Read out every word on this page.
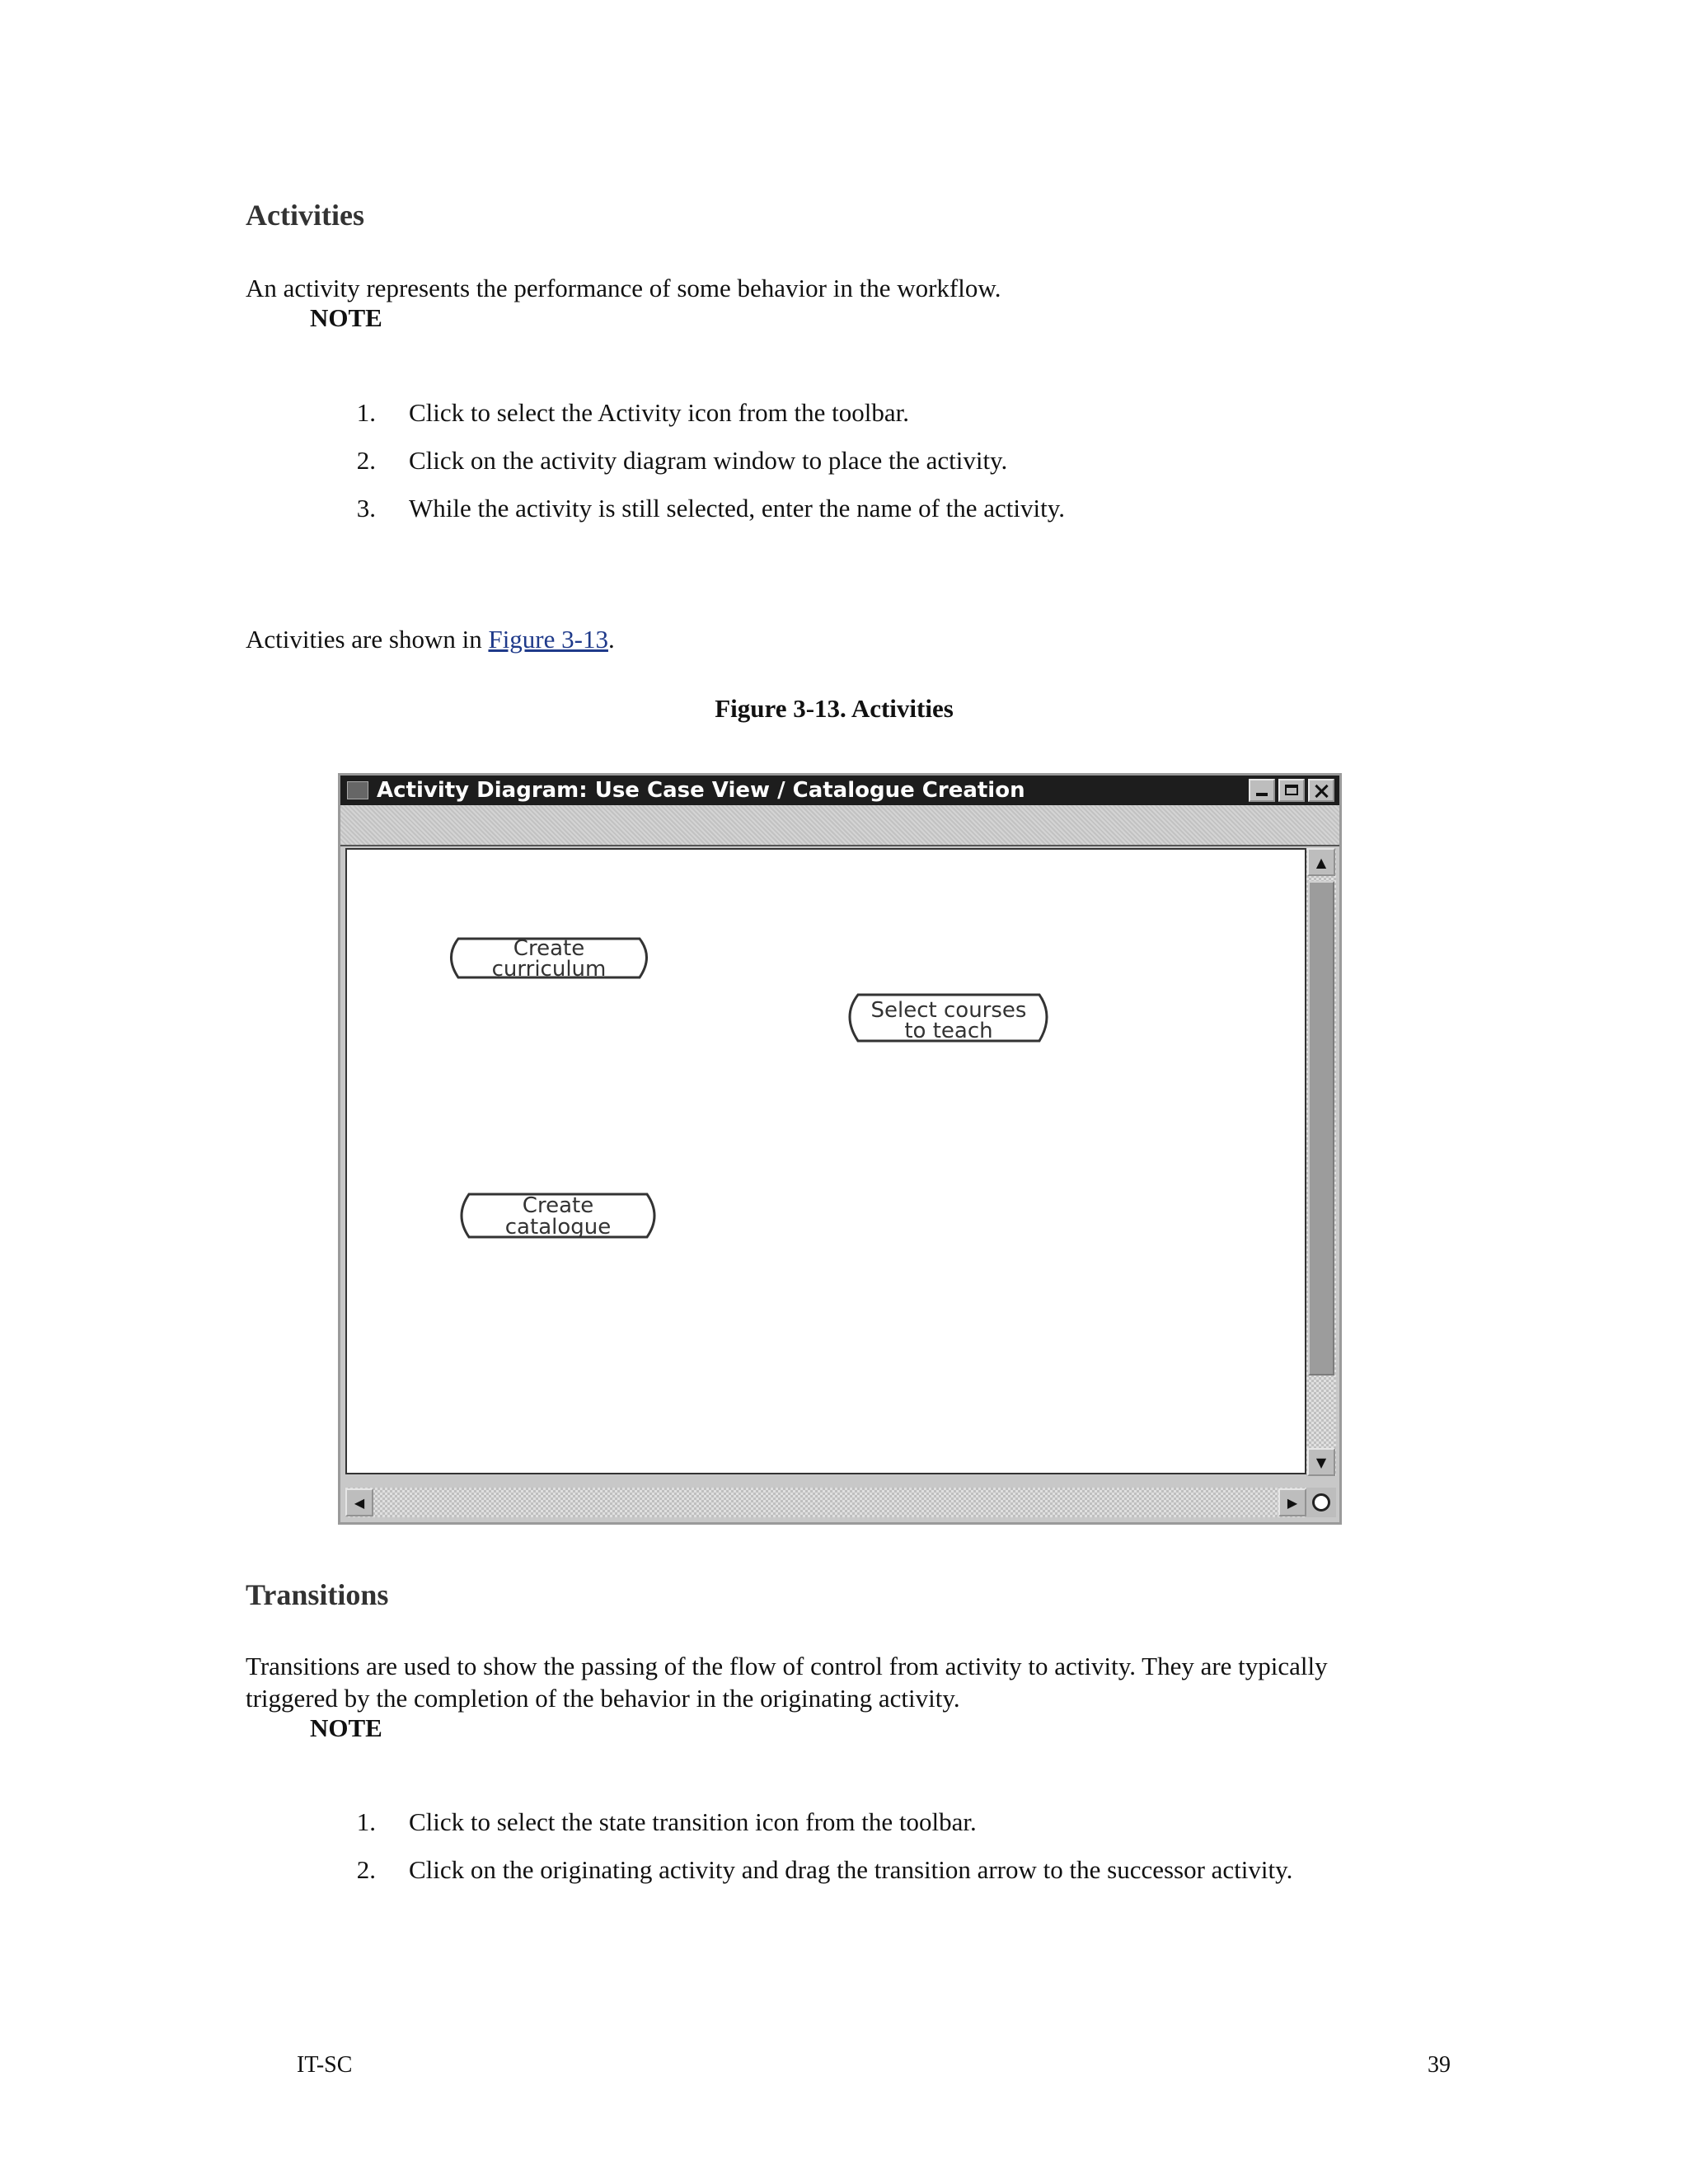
Activities

An activity represents the performance of some behavior in the workflow.

NOTE

1. Click to select the Activity icon from the toolbar.
2. Click on the activity diagram window to place the activity.
3. While the activity is still selected, enter the name of the activity.

Activities are shown in Figure 3-13.

Figure 3-13. Activities
Activity Diagram: Use Case View / Catalogue Creation
Create
curriculum
Select courses
to teach
Create
catalogue
▲
▼
◀	▶
Transitions

Transitions are used to show the passing of the flow of control from activity to activity. They are typically

triggered by the completion of the behavior in the originating activity.

NOTE

1. Click to select the state transition icon from the toolbar.
2. Click on the originating activity and drag the transition arrow to the successor activity.
IT-SC	39
